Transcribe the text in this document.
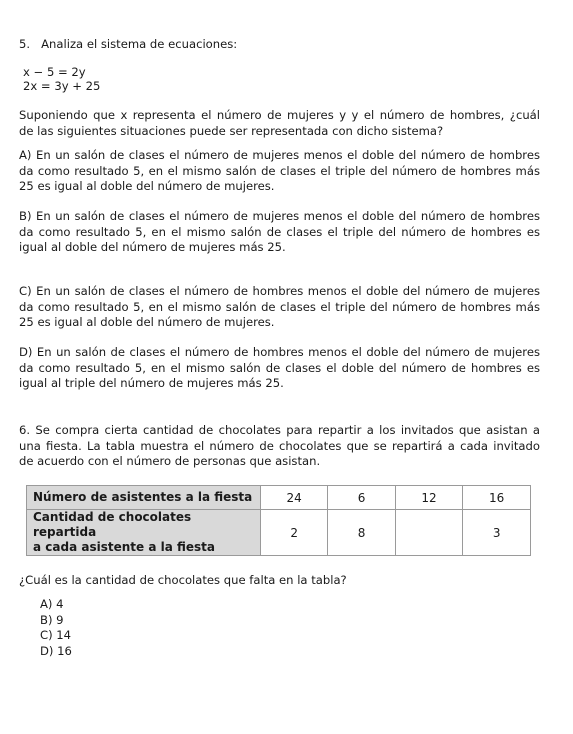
5. Analiza el sistema de ecuaciones:
x − 5 = 2y
2x = 3y + 25
Suponiendo que x representa el número de mujeres y y el número de hombres, ¿cuál
de las siguientes situaciones puede ser representada con dicho sistema?
A) En un salón de clases el número de mujeres menos el doble del número de hombres
da como resultado 5, en el mismo salón de clases el triple del número de hombres más
25 es igual al doble del número de mujeres.
B) En un salón de clases el número de mujeres menos el doble del número de hombres
da como resultado 5, en el mismo salón de clases el triple del número de hombres es
igual al doble del número de mujeres más 25.
C) En un salón de clases el número de hombres menos el doble del número de mujeres
da como resultado 5, en el mismo salón de clases el triple del número de hombres más
25 es igual al doble del número de mujeres.
D) En un salón de clases el número de hombres menos el doble del número de mujeres
da como resultado 5, en el mismo salón de clases el doble del número de hombres es
igual al triple del número de mujeres más 25.
6. Se compra cierta cantidad de chocolates para repartir a los invitados que asistan a
una fiesta. La tabla muestra el número de chocolates que se repartirá a cada invitado
de acuerdo con el número de personas que asistan.
Número de asistentes a la fiesta	24	6	12	16

Cantidad de chocolates repartida
a cada asistente a la fiesta	2	8		3
¿Cuál es la cantidad de chocolates que falta en la tabla?
A) 4
B) 9
C) 14
D) 16
